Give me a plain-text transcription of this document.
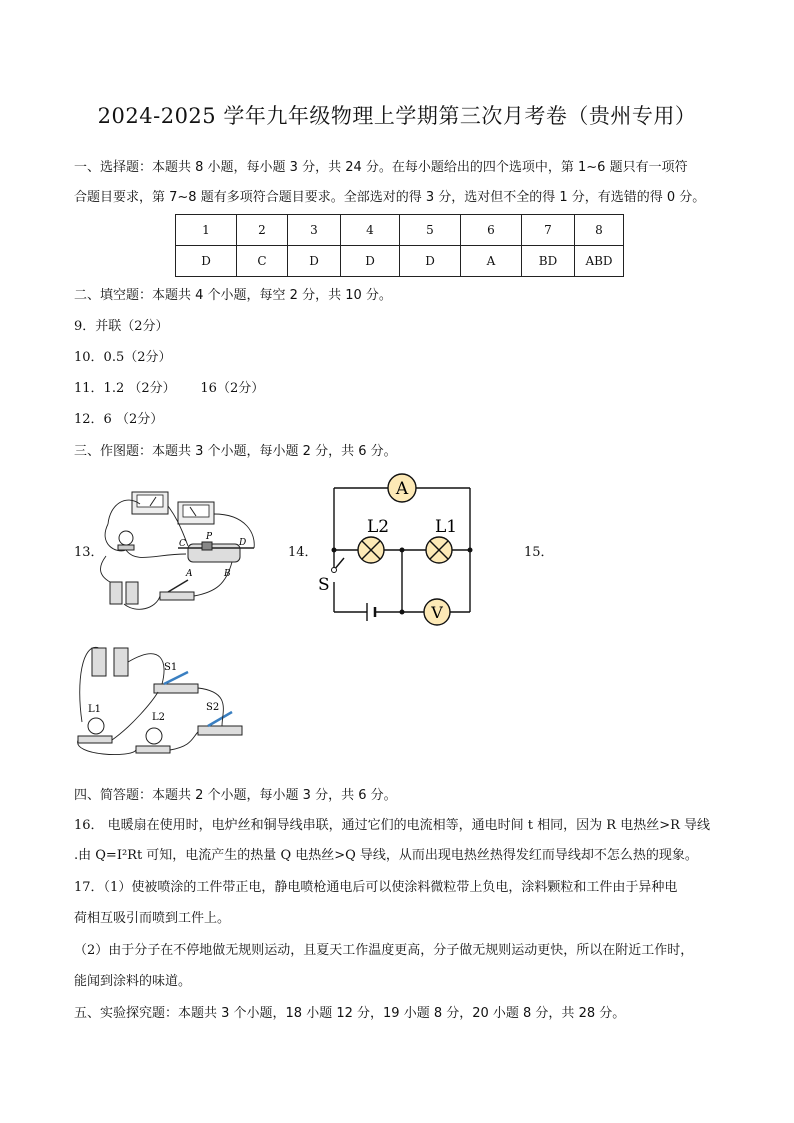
2024-2025 学年九年级物理上学期第三次月考卷（贵州专用）
一、选择题：本题共 8 小题，每小题 3 分，共 24 分。在每小题给出的四个选项中，第 1~6 题只有一项符
合题目要求，第 7~8 题有多项符合题目要求。全部选对的得 3 分，选对但不全的得 1 分，有选错的得 0 分。
1	2	3	4	5	6	7	8
D	C	D	D	D	A	BD	ABD
二、填空题：本题共 4 个小题，每空 2 分，共 10 分。
9．并联（2分）
10．0.5（2分）
11．1.2 （2分）      16（2分）
12．6 （2分）
三、作图题：本题共 3 个小题，每小题 2 分，共 6 分。
13．	14．	15．
C
P
D
A	B
A
V
L2	L1
S
S1
S2
L1
L2
四、简答题：本题共 2 个小题，每小题 3 分，共 6 分。
16． 电暖扇在使用时，电炉丝和铜导线串联，通过它们的电流相等，通电时间 t 相同，因为 R 电热丝>R 导线
.由 Q=I²Rt 可知，电流产生的热量 Q 电热丝>Q 导线，从而出现电热丝热得发红而导线却不怎么热的现象。
17．（1）使被喷涂的工件带正电，静电喷枪通电后可以使涂料微粒带上负电，涂料颗粒和工件由于异种电
荷相互吸引而喷到工件上。
（2）由于分子在不停地做无规则运动，且夏天工作温度更高，分子做无规则运动更快，所以在附近工作时，
能闻到涂料的味道。
五、实验探究题：本题共 3 个小题，18 小题 12 分，19 小题 8 分，20 小题 8 分，共 28 分。
